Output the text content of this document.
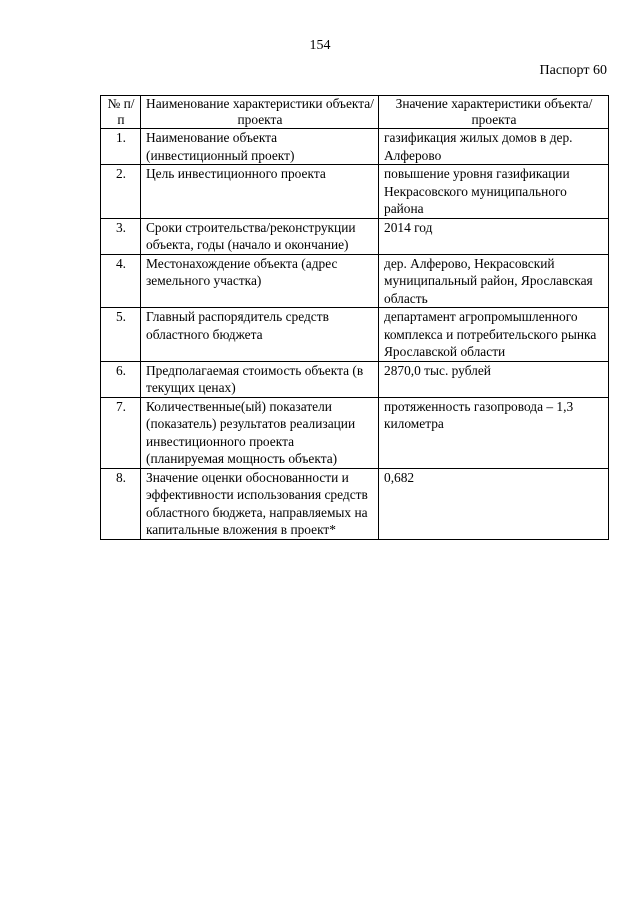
154
Паспорт 60
№ п/п	Наименование характеристики объекта/проекта	Значение характеристики объекта/проекта
1.	Наименование объекта (инвестиционный проект)	газификация жилых домов в дер. Алферово
2.	Цель инвестиционного проекта	повышение уровня газификации Некрасовского муниципального района
3.	Сроки строительства/реконструкции объекта, годы (начало и окончание)	2014 год
4.	Местонахождение объекта (адрес земельного участка)	дер. Алферово, Некрасовский муниципальный район, Ярославская область
5.	Главный распорядитель средств областного бюджета	департамент агропромышленного комплекса и потребительского рынка Ярославской области
6.	Предполагаемая стоимость объекта (в текущих ценах)	2870,0 тыс. рублей
7.	Количественные(ый) показатели (показатель) результатов реализации инвестиционного проекта (планируемая мощность объекта)	протяженность газопровода – 1,3 километра
8.	Значение оценки обоснованности и эффективности использования средств областного бюджета, направляемых на капитальные вложения в проект*	0,682
